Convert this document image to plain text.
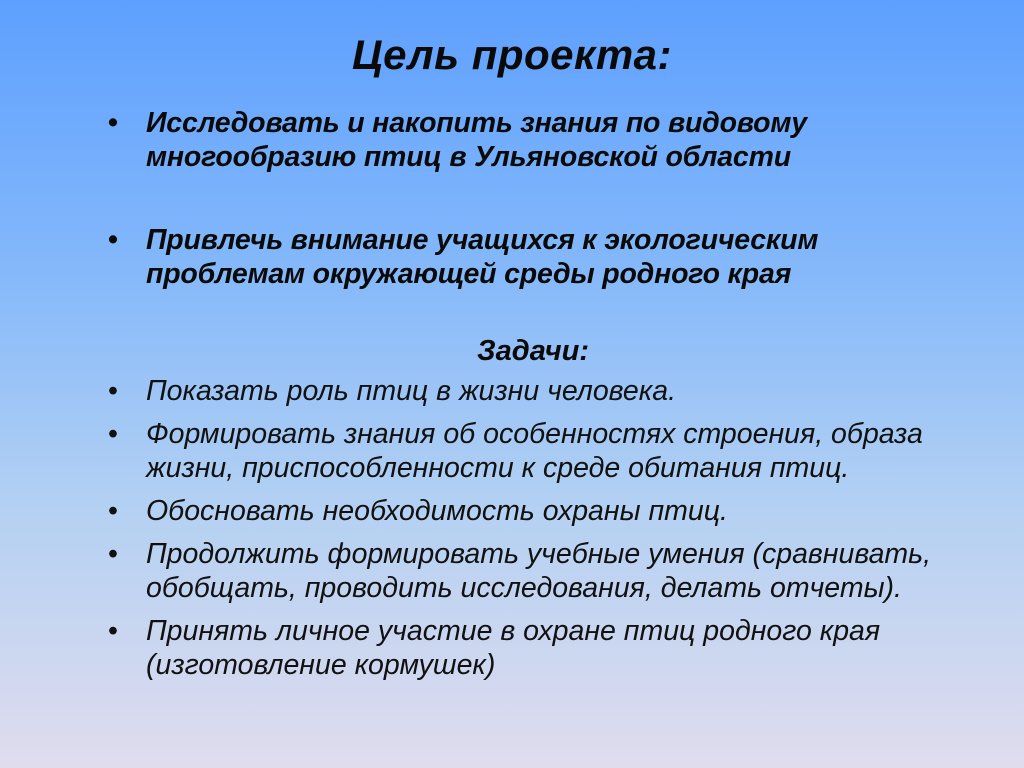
Цель проекта:
• Исследовать и накопить знания по видовому многообразию птиц в Ульяновской области
• Привлечь внимание учащихся к экологическим проблемам окружающей среды родного края
Задачи:
• Показать роль птиц в жизни человека.
• Формировать знания об особенностях строения, образа жизни, приспособленности к среде обитания птиц.
• Обосновать необходимость охраны птиц.
• Продолжить формировать учебные умения (сравнивать, обобщать, проводить исследования, делать отчеты).
• Принять личное участие в охране птиц родного края (изготовление кормушек)
